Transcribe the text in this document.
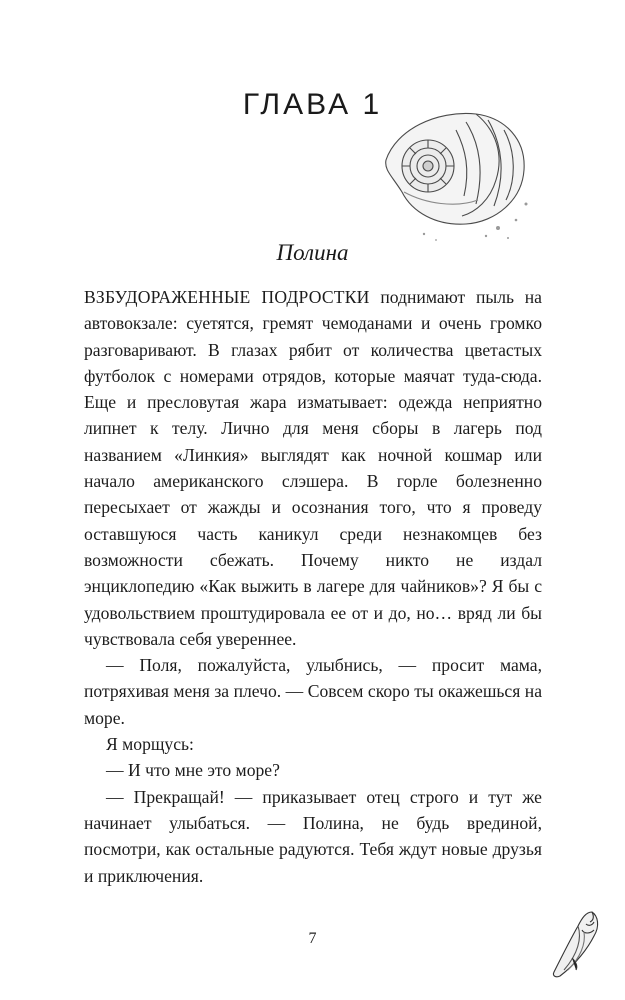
ГЛАВА 1
Полина

ВЗБУДОРАЖЕННЫЕ ПОДРОСТКИ поднимают пыль на автовокзале: суетятся, гремят чемоданами и очень громко разговаривают. В глазах рябит от количества цветастых футболок с номерами отрядов, которые маячат туда-сюда. Еще и пресловутая жара изматывает: одежда неприятно липнет к телу. Лично для меня сборы в лагерь под названием «Линкия» выглядят как ночной кошмар или начало американского слэшера. В горле болезненно пересыхает от жажды и осознания того, что я проведу оставшуюся часть каникул среди незнакомцев без возможности сбежать. Почему никто не издал энциклопедию «Как выжить в лагере для чайников»? Я бы с удовольствием проштудировала ее от и до, но… вряд ли бы чувствовала себя увереннее.

— Поля, пожалуйста, улыбнись, — просит мама, потряхивая меня за плечо. — Совсем скоро ты окажешься на море.

Я морщусь:

— И что мне это море?

— Прекращай! — приказывает отец строго и тут же начинает улыбаться. — Полина, не будь врединой, посмотри, как остальные радуются. Тебя ждут новые друзья и приключения.

7
